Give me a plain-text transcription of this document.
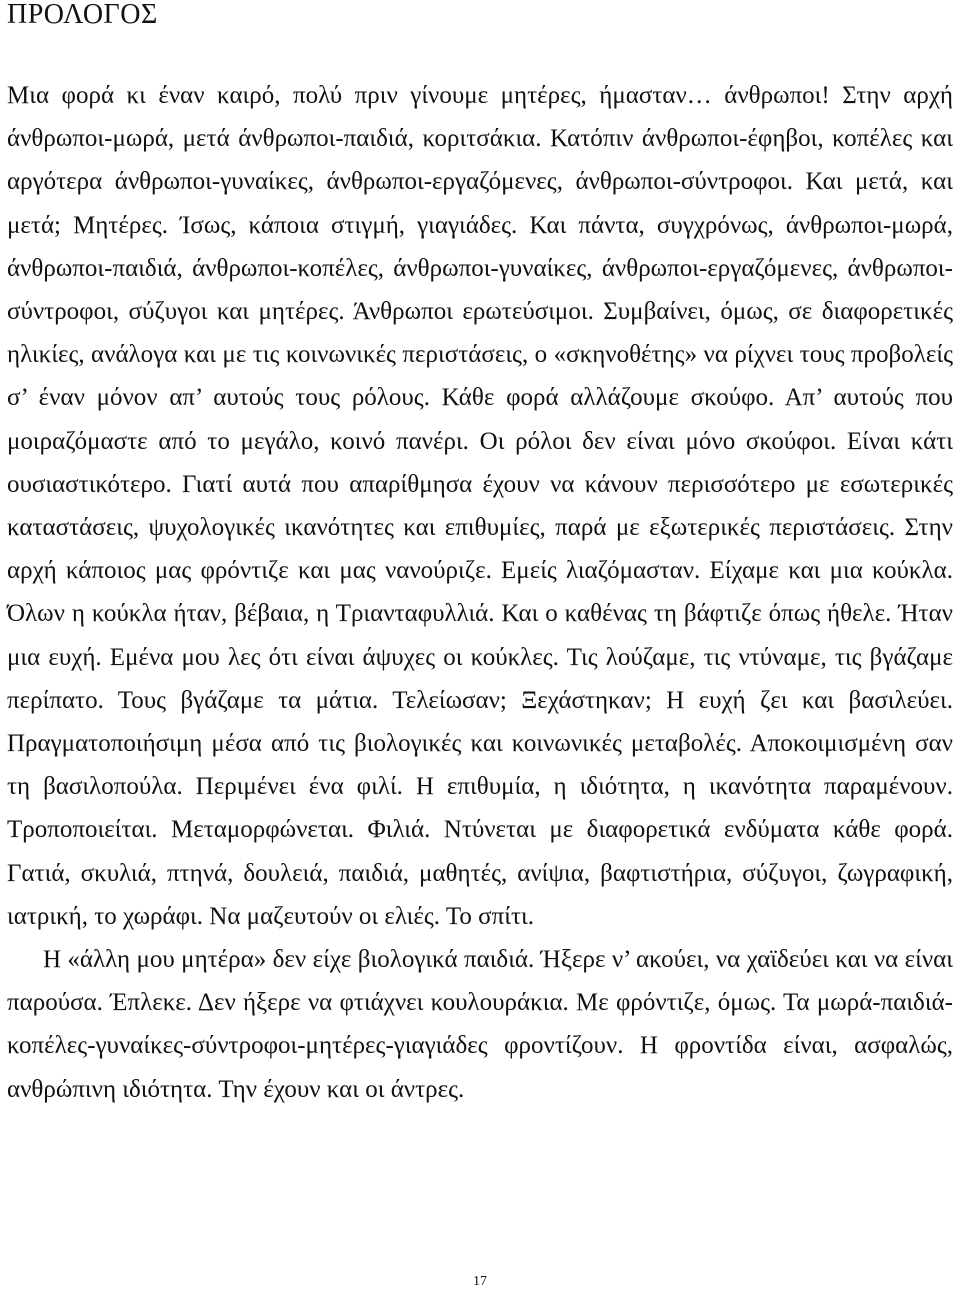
ΠΡΟΛΟΓΟΣ

Μια φορά κι έναν καιρό, πολύ πριν γίνουμε μητέρες, ήμασταν… άνθρωποι! Στην αρχή άνθρωποι-μωρά, μετά άνθρωποι-παιδιά, κοριτσάκια. Κατόπιν άνθρωποι-έφηβοι, κοπέλες και αργότερα άνθρωποι-γυναίκες, άνθρωποι-εργαζόμενες, άνθρωποι-σύντροφοι. Και μετά, και μετά; Μητέρες. Ίσως, κάποια στιγμή, γιαγιάδες. Και πάντα, συγχρόνως, άνθρωποι-μωρά, άνθρωποι-παιδιά, άνθρωποι-κοπέλες, άνθρωποι-γυναίκες, άνθρωποι-εργαζόμενες, άνθρωποι-σύντροφοι, σύζυγοι και μητέρες. Άνθρωποι ερωτεύσιμοι. Συμβαίνει, όμως, σε διαφορετικές ηλικίες, ανάλογα και με τις κοινωνικές περιστάσεις, ο «σκηνοθέτης» να ρίχνει τους προβολείς σ’ έναν μόνον απ’ αυτούς τους ρόλους. Κάθε φορά αλλάζουμε σκούφο. Απ’ αυτούς που μοιραζόμαστε από το μεγάλο, κοινό πανέρι. Οι ρόλοι δεν είναι μόνο σκούφοι. Είναι κάτι ουσιαστικότερο. Γιατί αυτά που απαρίθμησα έχουν να κάνουν περισσότερο με εσωτερικές καταστάσεις, ψυχολογικές ικανότητες και επιθυμίες, παρά με εξωτερικές περιστάσεις. Στην αρχή κάποιος μας φρόντιζε και μας νανούριζε. Εμείς λιαζόμασταν. Είχαμε και μια κούκλα. Όλων η κούκλα ήταν, βέβαια, η Τριανταφυλλιά. Και ο καθένας τη βάφτιζε όπως ήθελε. Ήταν μια ευχή. Εμένα μου λες ότι είναι άψυχες οι κούκλες. Τις λούζαμε, τις ντύναμε, τις βγάζαμε περίπατο. Τους βγάζαμε τα μάτια. Τελείωσαν; Ξεχάστηκαν; Η ευχή ζει και βασιλεύει. Πραγματοποιήσιμη μέσα από τις βιολογικές και κοινωνικές μεταβολές. Αποκοιμισμένη σαν τη βασιλοπούλα. Περιμένει ένα φιλί. Η επιθυμία, η ιδιότητα, η ικανότητα παραμένουν. Τροποποιείται. Μεταμορφώνεται. Φιλιά. Ντύνεται με διαφορετικά ενδύματα κάθε φορά. Γατιά, σκυλιά, πτηνά, δουλειά, παιδιά, μαθητές, ανίψια, βαφτιστήρια, σύζυγοι, ζωγραφική, ιατρική, το χωράφι. Να μαζευτούν οι ελιές. Το σπίτι.

Η «άλλη μου μητέρα» δεν είχε βιολογικά παιδιά. Ήξερε ν’ ακούει, να χαϊδεύει και να είναι παρούσα. Έπλεκε. Δεν ήξερε να φτιάχνει κουλουράκια. Με φρόντιζε, όμως. Τα μωρά-παιδιά-κοπέλες-γυναίκες-σύντροφοι-μητέρες-γιαγιάδες φροντίζουν. Η φροντίδα είναι, ασφαλώς, ανθρώπινη ιδιότητα. Την έχουν και οι άντρες.

17
